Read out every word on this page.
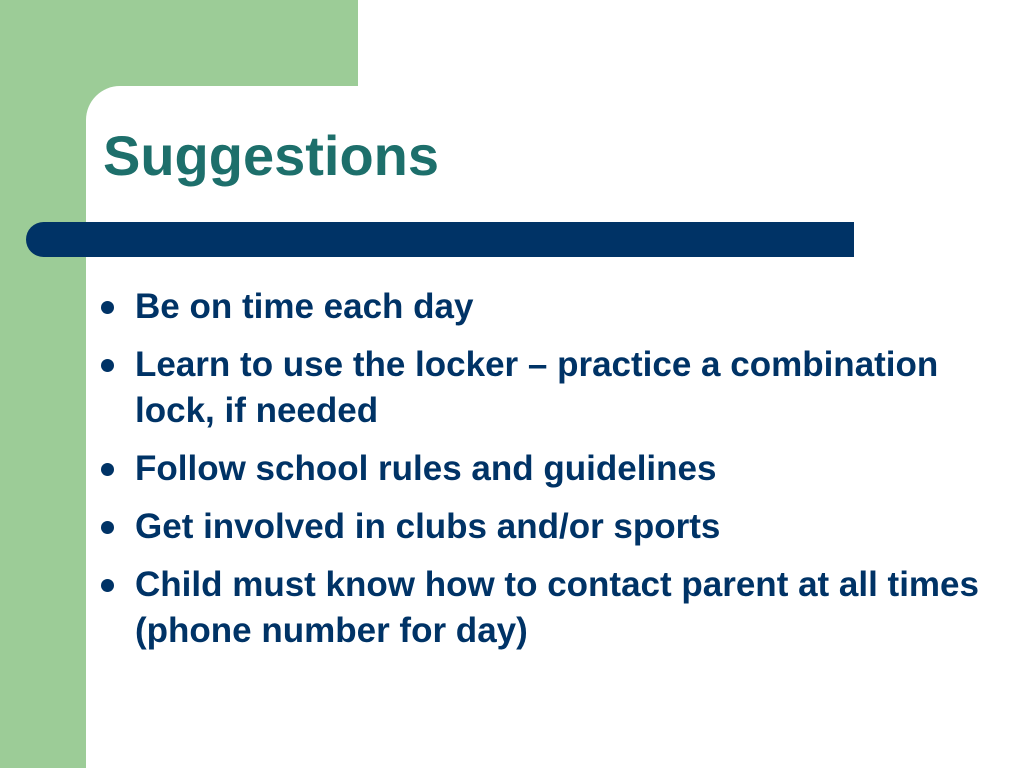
Suggestions
Be on time each day
Learn to use the locker – practice a combination lock, if needed
Follow school rules and guidelines
Get involved in clubs and/or sports
Child must know how to contact parent at all times (phone number for day)
